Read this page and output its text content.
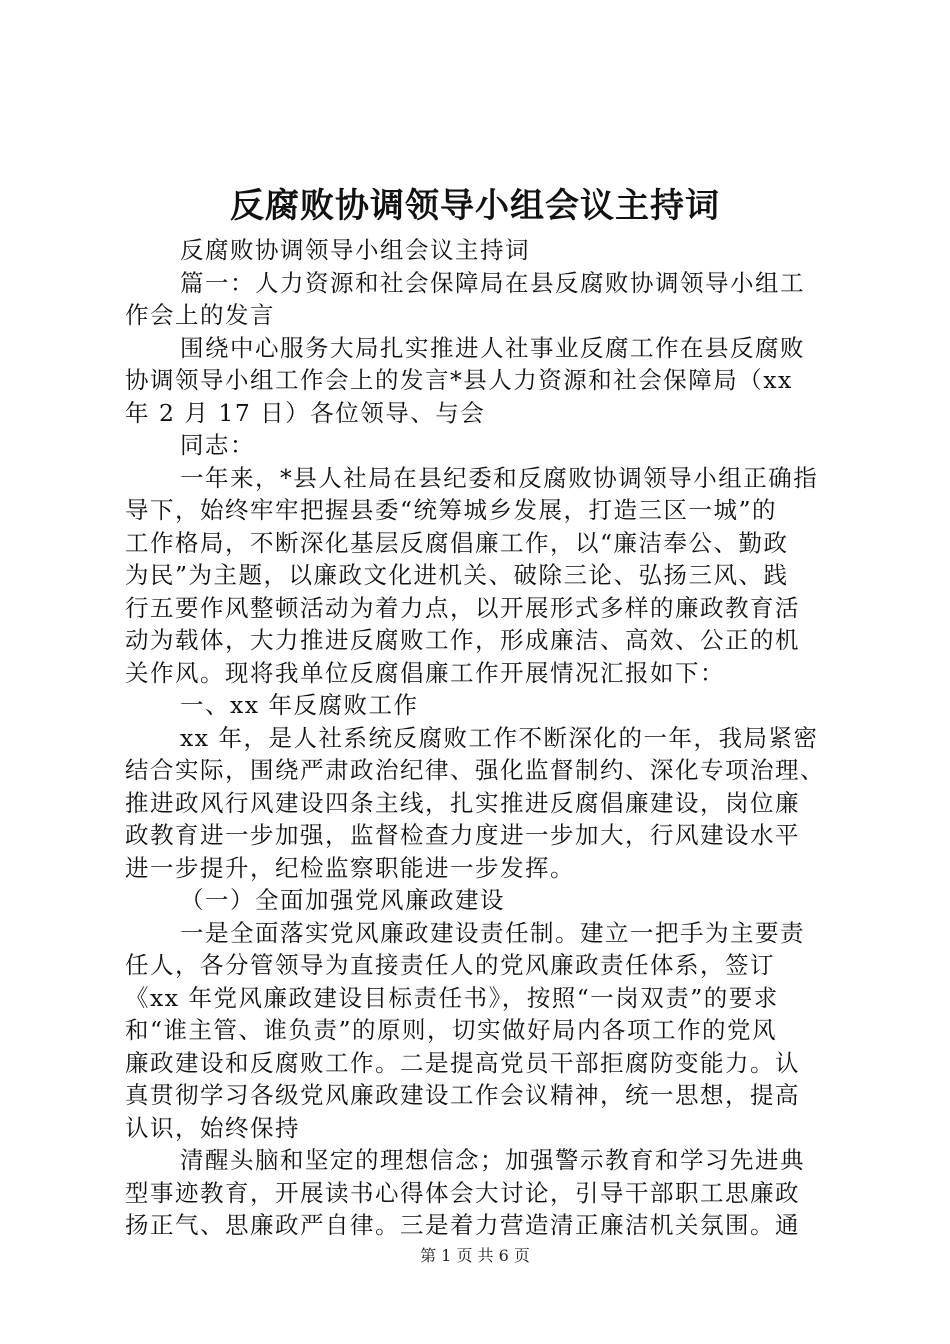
反腐败协调领导小组会议主持词
反腐败协调领导小组会议主持词
篇一：人力资源和社会保障局在县反腐败协调领导小组工
作会上的发言
围绕中心服务大局扎实推进人社事业反腐工作在县反腐败
协调领导小组工作会上的发言*县人力资源和社会保障局（xx
年 2 月 17 日）各位领导、与会
同志：
一年来，*县人社局在县纪委和反腐败协调领导小组正确指
导下，始终牢牢把握县委“统筹城乡发展，打造三区一城”的
工作格局，不断深化基层反腐倡廉工作，以“廉洁奉公、勤政
为民”为主题，以廉政文化进机关、破除三论、弘扬三风、践
行五要作风整顿活动为着力点，以开展形式多样的廉政教育活
动为载体，大力推进反腐败工作，形成廉洁、高效、公正的机
关作风。现将我单位反腐倡廉工作开展情况汇报如下：
一、xx 年反腐败工作
xx 年，是人社系统反腐败工作不断深化的一年，我局紧密
结合实际，围绕严肃政治纪律、强化监督制约、深化专项治理、
推进政风行风建设四条主线，扎实推进反腐倡廉建设，岗位廉
政教育进一步加强，监督检查力度进一步加大，行风建设水平
进一步提升，纪检监察职能进一步发挥。
（一）全面加强党风廉政建设
一是全面落实党风廉政建设责任制。建立一把手为主要责
任人，各分管领导为直接责任人的党风廉政责任体系，签订
《xx 年党风廉政建设目标责任书》，按照“一岗双责”的要求
和“谁主管、谁负责”的原则，切实做好局内各项工作的党风
廉政建设和反腐败工作。二是提高党员干部拒腐防变能力。认
真贯彻学习各级党风廉政建设工作会议精神，统一思想，提高
认识，始终保持
清醒头脑和坚定的理想信念；加强警示教育和学习先进典
型事迹教育，开展读书心得体会大讨论，引导干部职工思廉政
扬正气、思廉政严自律。三是着力营造清正廉洁机关氛围。通
第 1 页 共 6 页
